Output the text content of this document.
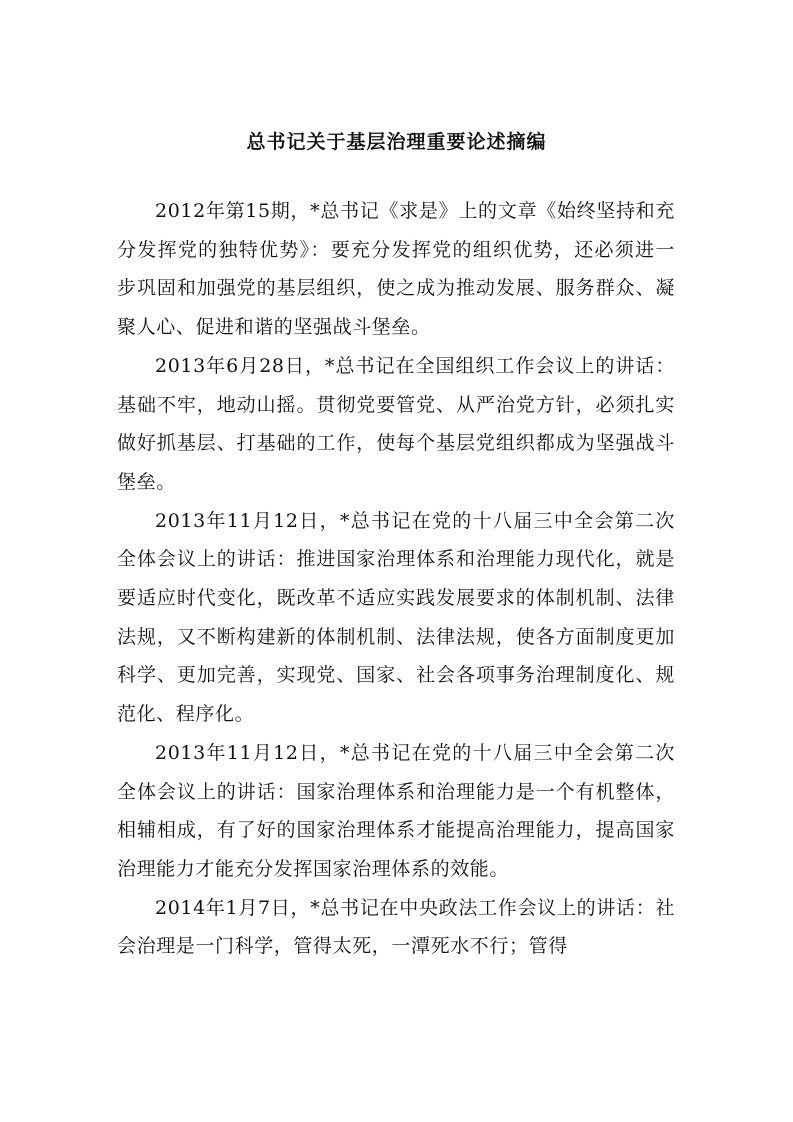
总书记关于基层治理重要论述摘编

2012年第15期，*总书记《求是》上的文章《始终坚持和充分发挥党的独特优势》：要充分发挥党的组织优势，还必须进一步巩固和加强党的基层组织，使之成为推动发展、服务群众、凝聚人心、促进和谐的坚强战斗堡垒。

2013年6月28日，*总书记在全国组织工作会议上的讲话：基础不牢，地动山摇。贯彻党要管党、从严治党方针，必须扎实做好抓基层、打基础的工作，使每个基层党组织都成为坚强战斗堡垒。

2013年11月12日，*总书记在党的十八届三中全会第二次全体会议上的讲话：推进国家治理体系和治理能力现代化，就是要适应时代变化，既改革不适应实践发展要求的体制机制、法律法规，又不断构建新的体制机制、法律法规，使各方面制度更加科学、更加完善，实现党、国家、社会各项事务治理制度化、规范化、程序化。

2013年11月12日，*总书记在党的十八届三中全会第二次全体会议上的讲话：国家治理体系和治理能力是一个有机整体，相辅相成，有了好的国家治理体系才能提高治理能力，提高国家治理能力才能充分发挥国家治理体系的效能。

2014年1月7日，*总书记在中央政法工作会议上的讲话：社会治理是一门科学，管得太死，一潭死水不行；管得
